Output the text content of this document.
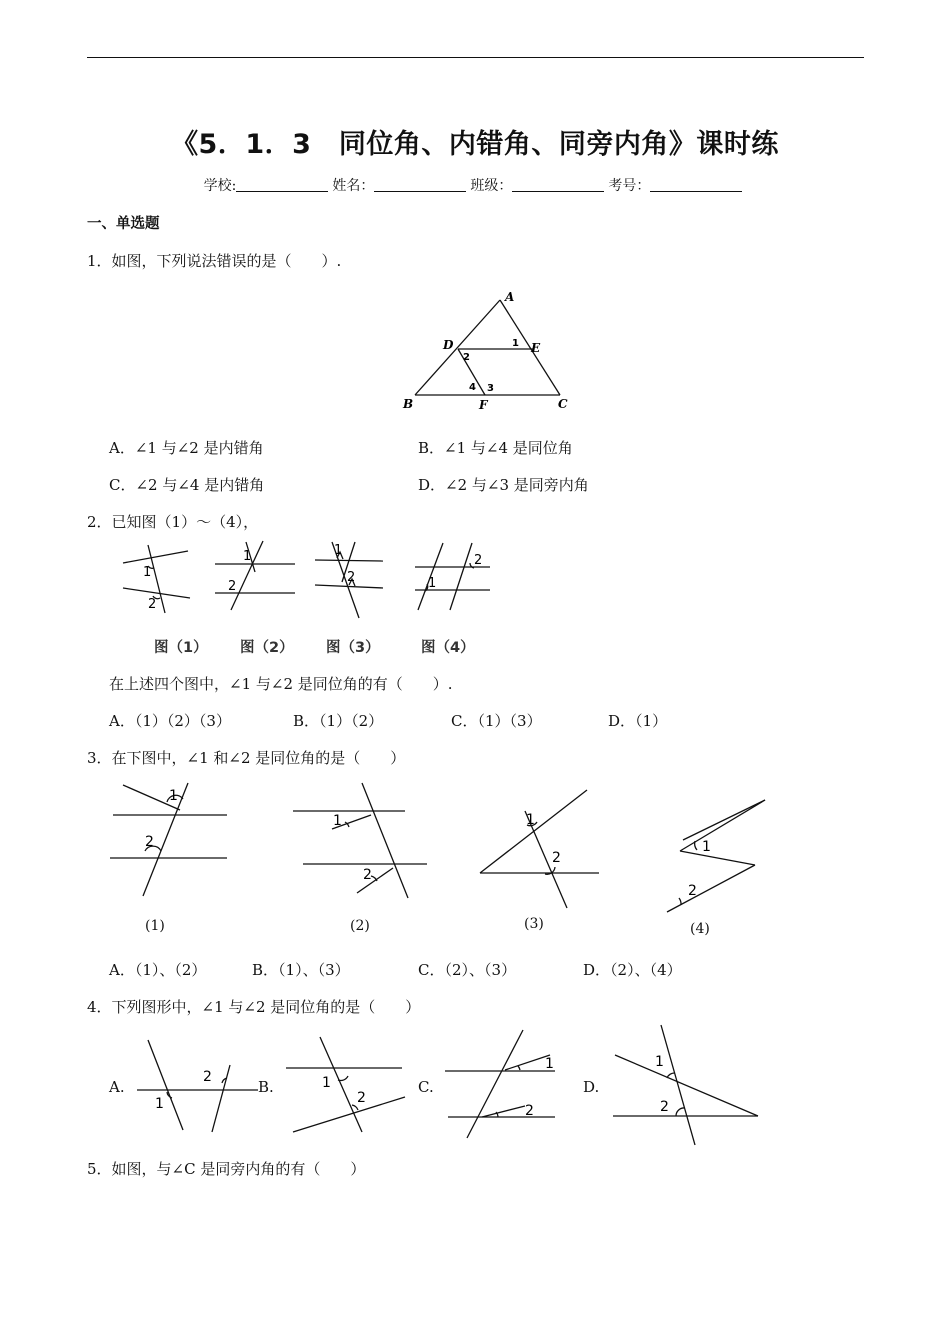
《5．1．3　同位角、内错角、同旁内角》课时练
学校:	姓名：	班级：	考号：
一、单选题
1．如图，下列说法错误的是（　　）.
A
D	E
B	F	C
1
2
3
4
A．∠1 与∠2 是内错角	B．∠1 与∠4 是同位角
C．∠2 与∠4 是内错角	D．∠2 与∠3 是同旁内角
2．已知图（1）～（4），
1
2
1
2
1
2	1
2
图（1） 图（2） 图（3）	图（4）
在上述四个图中，∠1 与∠2 是同位角的有（　　）.
A．（1）（2）（3）	B．（1）（2）	C．（1）（3）	D．（1）
3．在下图中，∠1 和∠2 是同位角的是（　　）
1
2
1
2
1
2
1
2
(1)	(2)	(3)	(4)
A．（1）、（2）	B．（1）、（3）	C．（2）、（3）	D．（2）、（4）
4．下列图形中，∠1 与∠2 是同位角的是（　　）
A.	B.	C.	D.
1
2	1
2
1
2
1
2
5．如图，与∠C 是同旁内角的有（　　）
